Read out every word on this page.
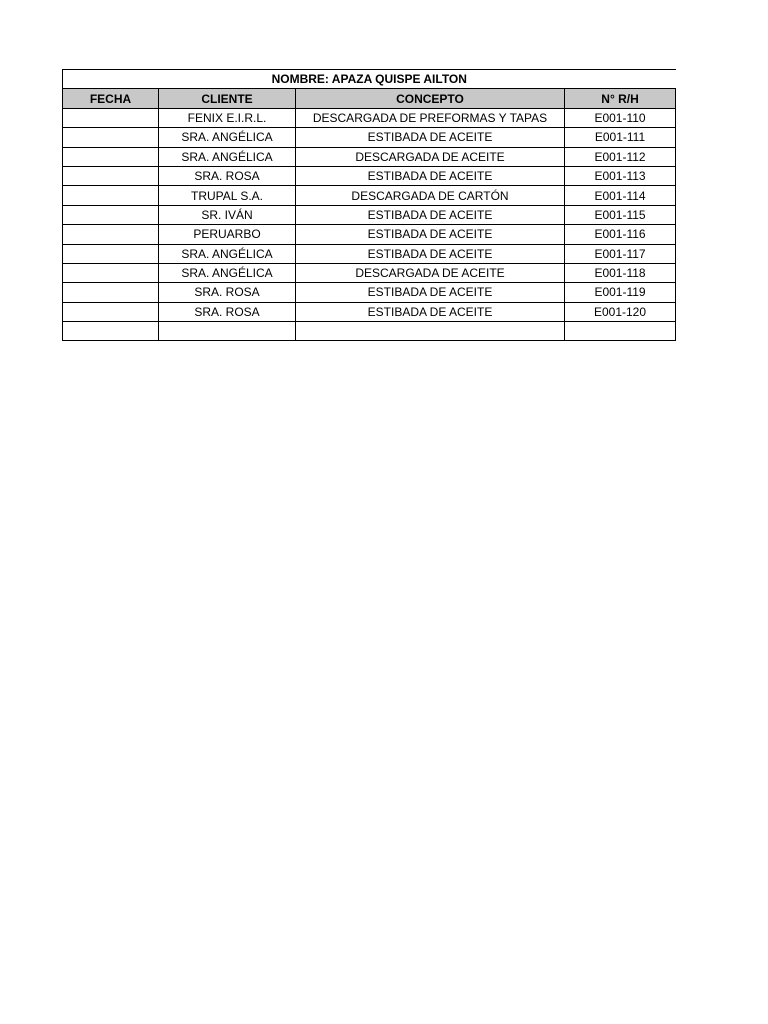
NOMBRE: APAZA QUISPE AILTON			
FECHA	CLIENTE	CONCEPTO	N° R/H
	FENIX E.I.R.L.	DESCARGADA DE PREFORMAS Y TAPAS	E001-110
	SRA. ANGÉLICA	ESTIBADA DE ACEITE	E001-111
	SRA. ANGÉLICA	DESCARGADA DE ACEITE	E001-112
	SRA. ROSA	ESTIBADA DE ACEITE	E001-113
	TRUPAL S.A.	DESCARGADA DE CARTÓN	E001-114
	SR. IVÁN	ESTIBADA DE ACEITE	E001-115
	PERUARBO	ESTIBADA DE ACEITE	E001-116
	SRA. ANGÉLICA	ESTIBADA DE ACEITE	E001-117
	SRA. ANGÉLICA	DESCARGADA DE ACEITE	E001-118
	SRA. ROSA	ESTIBADA DE ACEITE	E001-119
	SRA. ROSA	ESTIBADA DE ACEITE	E001-120
